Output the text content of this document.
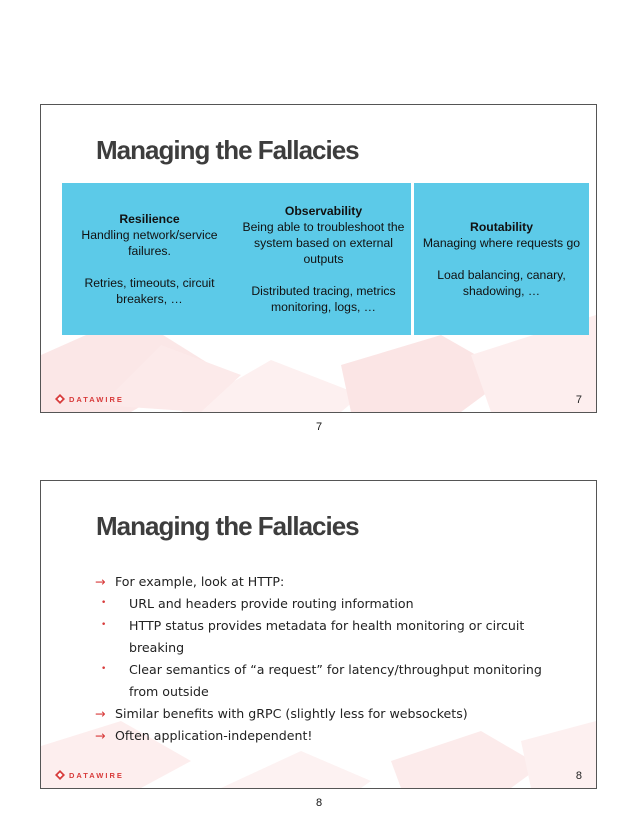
Managing the Fallacies
Resilience
Handling network/service failures.
Retries, timeouts, circuit breakers, …
Observability
Being able to troubleshoot the system based on external outputs
Distributed tracing, metrics monitoring, logs, …
Routability
Managing where requests go
Load balancing, canary, shadowing, …
DATAWIRE	7
7
Managing the Fallacies
→ For example, look at HTTP:
• URL and headers provide routing information
• HTTP status provides metadata for health monitoring or circuit breaking
• Clear semantics of “a request” for latency/throughput monitoring from outside
→ Similar benefits with gRPC (slightly less for websockets)
→ Often application-independent!
DATAWIRE	8
8
